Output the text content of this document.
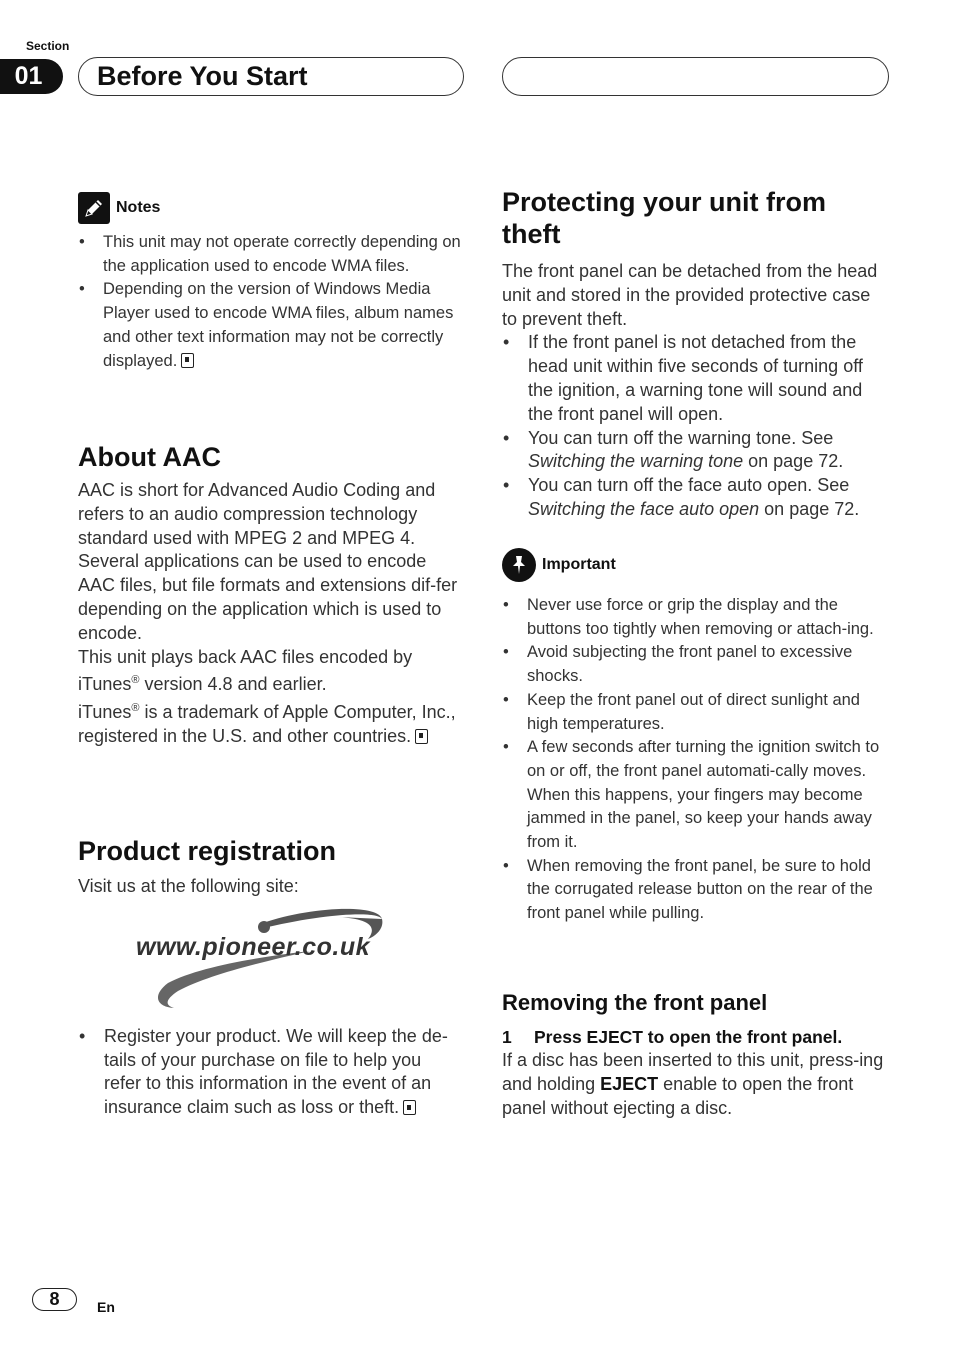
Section
01	Before You Start
Notes
• This unit may not operate correctly depending on the application used to encode WMA files.
• Depending on the version of Windows Media Player used to encode WMA files, album names and other text information may not be correctly displayed.
About AAC

AAC is short for Advanced Audio Coding and refers to an audio compression technology standard used with MPEG 2 and MPEG 4. Several applications can be used to encode AAC files, but file formats and extensions dif-fer depending on the application which is used to encode.

This unit plays back AAC files encoded by iTunes® version 4.8 and earlier.

iTunes® is a trademark of Apple Computer, Inc., registered in the U.S. and other countries.

Product registration

Visit us at the following site:

www.pioneer.co.uk
• Register your product. We will keep the de-tails of your purchase on file to help you refer to this information in the event of an insurance claim such as loss or theft.
Protecting your unit from theft

The front panel can be detached from the head unit and stored in the provided protective case to prevent theft.

• If the front panel is not detached from the head unit within five seconds of turning off the ignition, a warning tone will sound and the front panel will open.
• You can turn off the warning tone. See Switching the warning tone on page 72.
• You can turn off the face auto open. See Switching the face auto open on page 72.
Important
• Never use force or grip the display and the buttons too tightly when removing or attach-ing.
• Avoid subjecting the front panel to excessive shocks.
• Keep the front panel out of direct sunlight and high temperatures.
• A few seconds after turning the ignition switch to on or off, the front panel automati-cally moves. When this happens, your fingers may become jammed in the panel, so keep your hands away from it.
• When removing the front panel, be sure to hold the corrugated release button on the rear of the front panel while pulling.
Removing the front panel
1 Press EJECT to open the front panel.

If a disc has been inserted to this unit, press-ing and holding EJECT enable to open the front panel without ejecting a disc.

8	En
